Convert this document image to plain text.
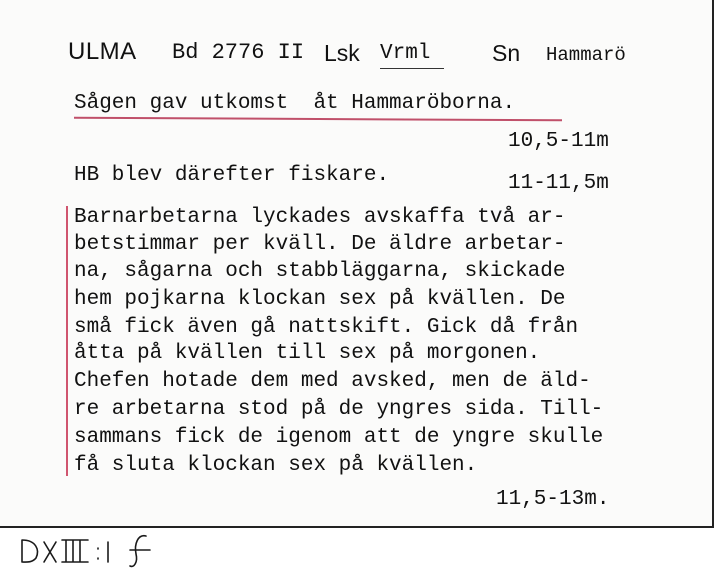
ULMA Bd 2776 II Lsk Vrml	Sn Hammarö
Sågen gav utkomst  åt Hammaröborna.
10,5-11m
HB blev därefter fiskare.	11-11,5m
Barnarbetarna lyckades avskaffa två ar-
betstimmar per kväll. De äldre arbetar-
na, sågarna och stabbläggarna, skickade
hem pojkarna klockan sex på kvällen. De
små fick även gå nattskift. Gick då från
åtta på kvällen till sex på morgonen.
Chefen hotade dem med avsked, men de äld-
re arbetarna stod på de yngres sida. Till-
sammans fick de igenom att de yngre skulle
få sluta klockan sex på kvällen.
11,5-13m.
